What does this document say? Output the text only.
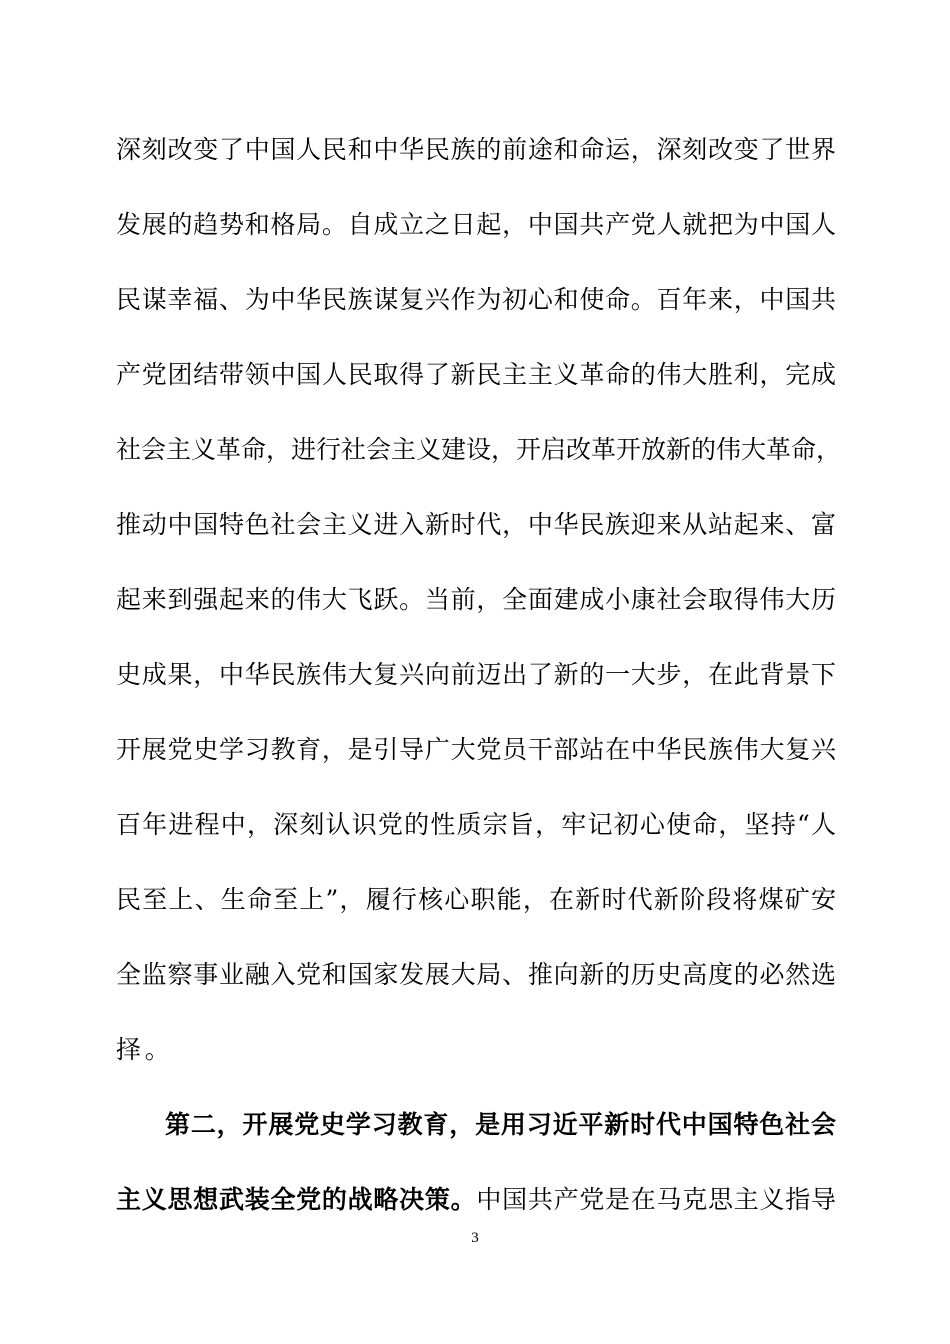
深刻改变了中国人民和中华民族的前途和命运，深刻改变了世界
发展的趋势和格局。自成立之日起，中国共产党人就把为中国人
民谋幸福、为中华民族谋复兴作为初心和使命。百年来，中国共
产党团结带领中国人民取得了新民主主义革命的伟大胜利，完成
社会主义革命，进行社会主义建设，开启改革开放新的伟大革命，
推动中国特色社会主义进入新时代，中华民族迎来从站起来、富
起来到强起来的伟大飞跃。当前，全面建成小康社会取得伟大历
史成果，中华民族伟大复兴向前迈出了新的一大步，在此背景下
开展党史学习教育，是引导广大党员干部站在中华民族伟大复兴
百年进程中，深刻认识党的性质宗旨，牢记初心使命，坚持“人
民至上、生命至上”，履行核心职能，在新时代新阶段将煤矿安
全监察事业融入党和国家发展大局、推向新的历史高度的必然选
择。
第二，开展党史学习教育，是用习近平新时代中国特色社会
主义思想武装全党的战略决策。中国共产党是在马克思主义指导
3
